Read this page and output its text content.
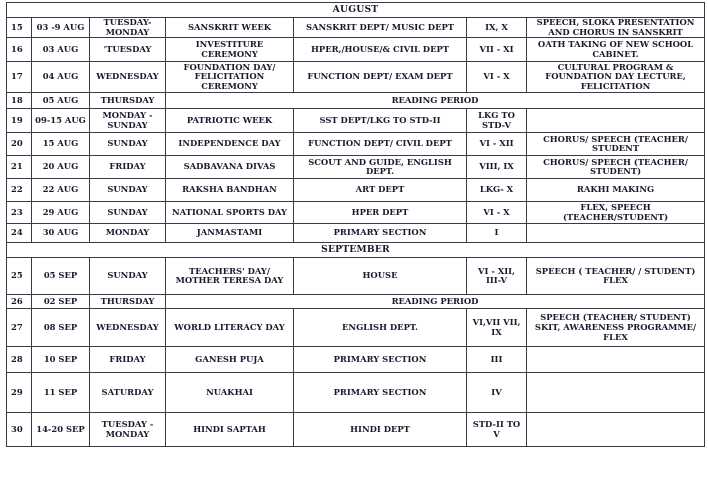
AUGUST						
15	03 -9 AUG	TUESDAY-MONDAY	SANSKRIT WEEK	SANSKRIT DEPT/ MUSIC DEPT	IX, X	SPEECH, SLOKA PRESENTATION AND CHORUS IN SANSKRIT
16	03 AUG	'TUESDAY	INVESTITURE CEREMONY	HPER,/HOUSE/& CIVIL DEPT	VII - XI	OATH TAKING OF NEW SCHOOL CABINET.
17	04 AUG	WEDNESDAY	FOUNDATION DAY/ FELICITATION CEREMONY	FUNCTION DEPT/ EXAM DEPT	VI - X	CULTURAL PROGRAM & FOUNDATION DAY LECTURE, FELICITATION
18	05 AUG	THURSDAY	READING PERIOD			
19	09-15 AUG	MONDAY - SUNDAY	PATRIOTIC WEEK	SST DEPT/LKG TO STD-II	LKG TO STD-V	
20	15 AUG	SUNDAY	INDEPENDENCE DAY	FUNCTION DEPT/ CIVIL DEPT	VI - XII	CHORUS/ SPEECH (TEACHER/ STUDENT
21	20 AUG	FRIDAY	SADBAVANA DIVAS	SCOUT AND GUIDE, ENGLISH DEPT.	VIII, IX	CHORUS/ SPEECH (TEACHER/ STUDENT)
22	22 AUG	SUNDAY	RAKSHA BANDHAN	ART DEPT	LKG- X	RAKHI MAKING
23	29 AUG	SUNDAY	NATIONAL SPORTS DAY	HPER DEPT	VI - X	FLEX, SPEECH (TEACHER/STUDENT)
24	30 AUG	MONDAY	JANMASTAMI	PRIMARY SECTION	I	
SEPTEMBER						
25	05 SEP	SUNDAY	TEACHERS' DAY/ MOTHER TERESA DAY	HOUSE	VI - XII, III-V	SPEECH ( TEACHER/ / STUDENT) FLEX
26	02 SEP	THURSDAY	READING PERIOD			
27	08 SEP	WEDNESDAY	WORLD LITERACY DAY	ENGLISH DEPT.	VI,VII VII, IX	SPEECH (TEACHER/ STUDENT) SKIT, AWARENESS PROGRAMME/ FLEX
28	10 SEP	FRIDAY	GANESH PUJA	PRIMARY SECTION	III	
29	11 SEP	SATURDAY	NUAKHAI	PRIMARY SECTION	IV	
30	14-20 SEP	TUESDAY - MONDAY	HINDI SAPTAH	HINDI DEPT	STD-II TO V	
